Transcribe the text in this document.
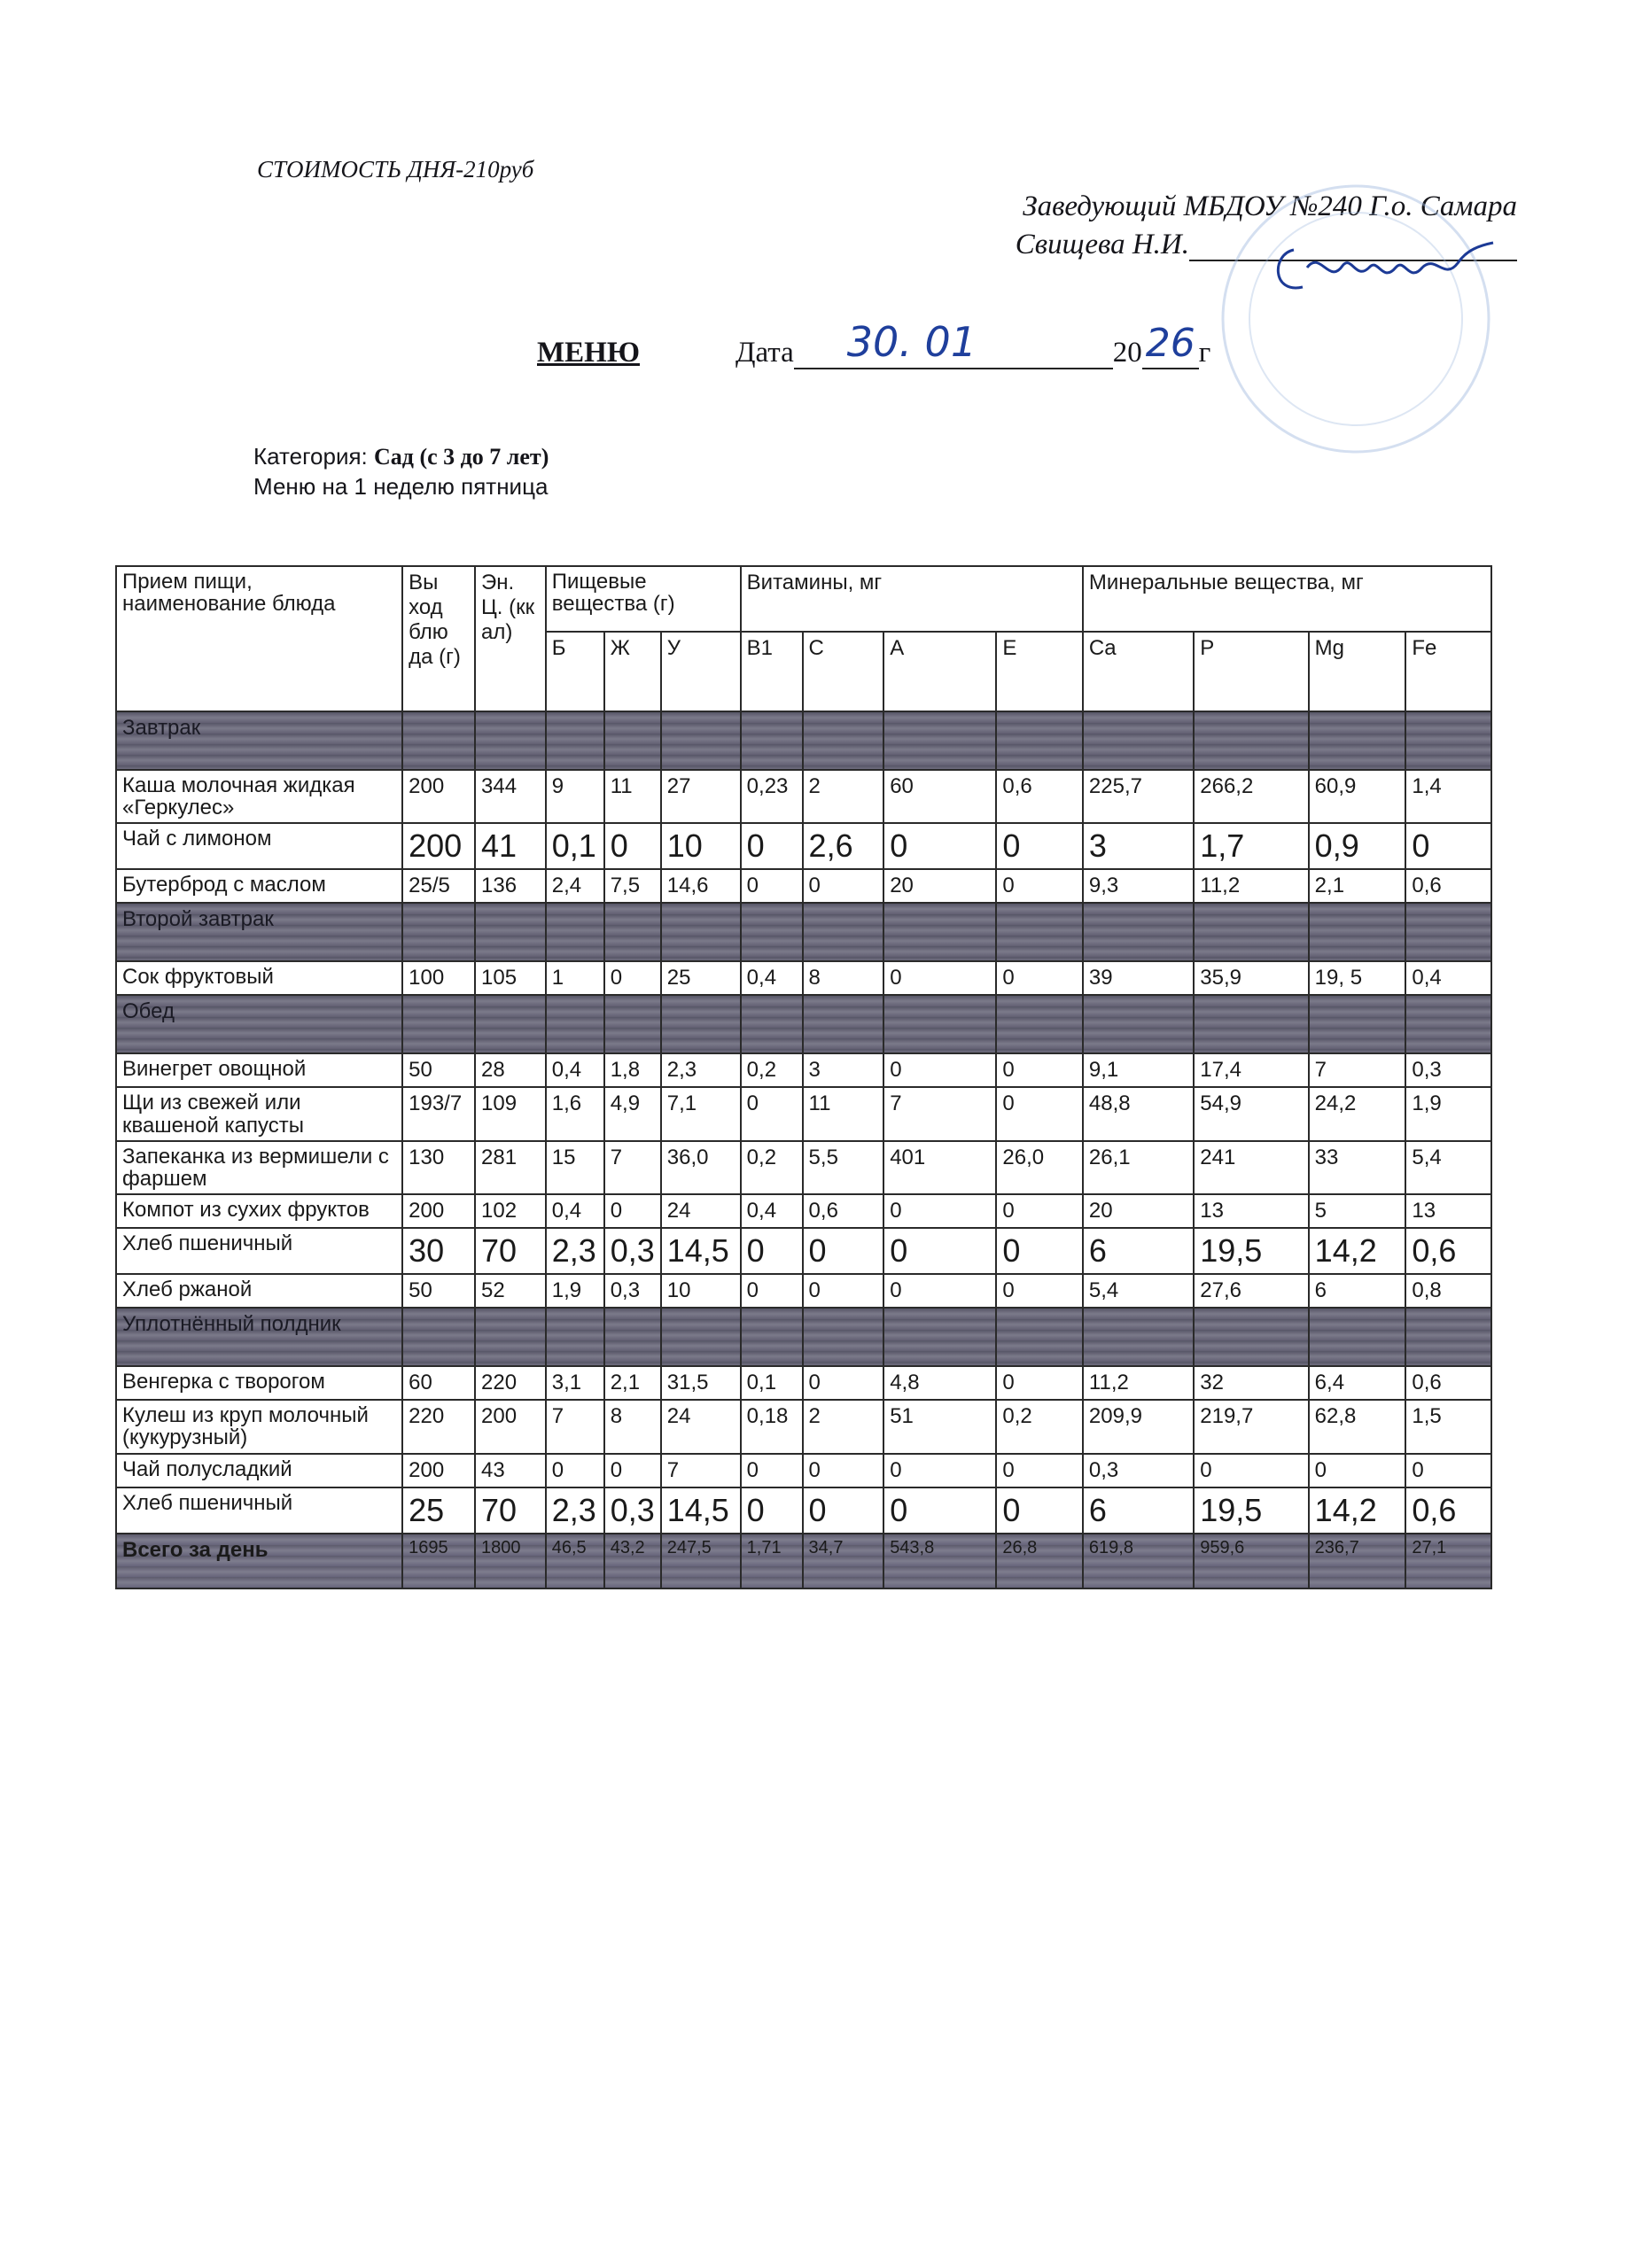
СТОИМОСТЬ ДНЯ-210руб
Заведующий МБДОУ №240 Г.о. Самара
Свищева Н.И.
МЕНЮ	Дата 30. 01	20 26 г
Категория: Сад (с 3 до 7 лет)
Меню на 1 неделю пятница
Прием пищи, наименование блюда	Вы ход блю да (г)	Эн. Ц. (кк ал)	Пищевые вещества (г)			Витамины, мг				Минеральные вещества, мг			
			Б	Ж	У	B1	C	A	E	Ca	P	Mg	Fe
Завтрак													
Каша молочная жидкая «Геркулес»	200	344	9	11	27	0,23	2	60	0,6	225,7	266,2	60,9	1,4
Чай с лимоном	200	41	0,1	0	10	0	2,6	0	0	3	1,7	0,9	0
Бутерброд с маслом	25/5	136	2,4	7,5	14,6	0	0	20	0	9,3	11,2	2,1	0,6
Второй завтрак													
Сок фруктовый	100	105	1	0	25	0,4	8	0	0	39	35,9	19, 5	0,4
Обед													
Винегрет овощной	50	28	0,4	1,8	2,3	0,2	3	0	0	9,1	17,4	7	0,3
Щи из свежей или квашеной капусты	193/7	109	1,6	4,9	7,1	0	11	7	0	48,8	54,9	24,2	1,9
Запеканка из вермишели с фаршем	130	281	15	7	36,0	0,2	5,5	401	26,0	26,1	241	33	5,4
Компот из сухих фруктов	200	102	0,4	0	24	0,4	0,6	0	0	20	13	5	13
Хлеб пшеничный	30	70	2,3	0,3	14,5	0	0	0	0	6	19,5	14,2	0,6
Хлеб ржаной	50	52	1,9	0,3	10	0	0	0	0	5,4	27,6	6	0,8
Уплотнённый полдник													
Венгерка с творогом	60	220	3,1	2,1	31,5	0,1	0	4,8	0	11,2	32	6,4	0,6
Кулеш из круп молочный (кукурузный)	220	200	7	8	24	0,18	2	51	0,2	209,9	219,7	62,8	1,5
Чай полусладкий	200	43	0	0	7	0	0	0	0	0,3	0	0	0
Хлеб пшеничный	25	70	2,3	0,3	14,5	0	0	0	0	6	19,5	14,2	0,6
Всего за день	1695	1800	46,5	43,2	247,5	1,71	34,7	543,8	26,8	619,8	959,6	236,7	27,1
